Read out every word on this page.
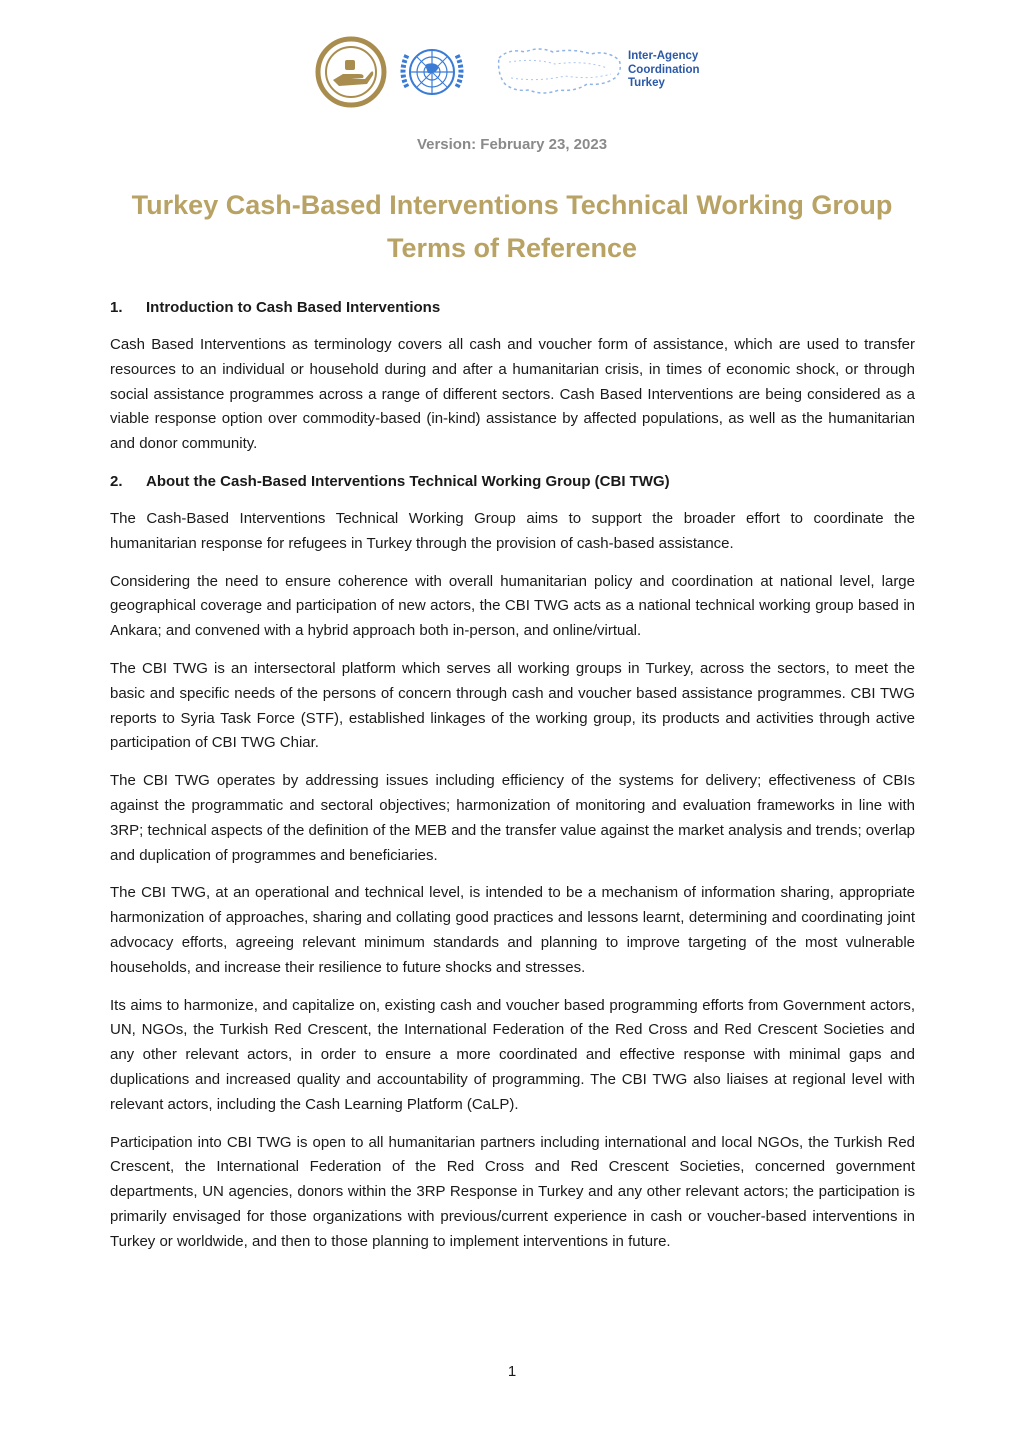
Inter-Agency
Coordination
Turkey
Version: February 23, 2023
Turkey Cash-Based Interventions Technical Working Group
Terms of Reference
1.	Introduction to Cash Based Interventions

Cash Based Interventions as terminology covers all cash and voucher form of assistance, which are used to transfer resources to an individual or household during and after a humanitarian crisis, in times of economic shock, or through social assistance programmes across a range of different sectors. Cash Based Interventions are being considered as a viable response option over commodity-based (in-kind) assistance by affected populations, as well as the humanitarian and donor community.

2.	About the Cash-Based Interventions Technical Working Group (CBI TWG)

The Cash-Based Interventions Technical Working Group aims to support the broader effort to coordinate the humanitarian response for refugees in Turkey through the provision of cash-based assistance.

Considering the need to ensure coherence with overall humanitarian policy and coordination at national level, large geographical coverage and participation of new actors, the CBI TWG acts as a national technical working group based in Ankara; and convened with a hybrid approach both in-person, and online/virtual.

The CBI TWG is an intersectoral platform which serves all working groups in Turkey, across the sectors, to meet the basic and specific needs of the persons of concern through cash and voucher based assistance programmes. CBI TWG reports to Syria Task Force (STF), established linkages of the working group, its products and activities through active participation of CBI TWG Chiar.

The CBI TWG operates by addressing issues including efficiency of the systems for delivery; effectiveness of CBIs against the programmatic and sectoral objectives; harmonization of monitoring and evaluation frameworks in line with 3RP; technical aspects of the definition of the MEB and the transfer value against the market analysis and trends; overlap and duplication of programmes and beneficiaries.

The CBI TWG, at an operational and technical level, is intended to be a mechanism of information sharing, appropriate harmonization of approaches, sharing and collating good practices and lessons learnt, determining and coordinating joint advocacy efforts, agreeing relevant minimum standards and planning to improve targeting of the most vulnerable households, and increase their resilience to future shocks and stresses.

Its aims to harmonize, and capitalize on, existing cash and voucher based programming efforts from Government actors, UN, NGOs, the Turkish Red Crescent, the International Federation of the Red Cross and Red Crescent Societies and any other relevant actors, in order to ensure a more coordinated and effective response with minimal gaps and duplications and increased quality and accountability of programming. The CBI TWG also liaises at regional level with relevant actors, including the Cash Learning Platform (CaLP).

Participation into CBI TWG is open to all humanitarian partners including international and local NGOs, the Turkish Red Crescent, the International Federation of the Red Cross and Red Crescent Societies, concerned government departments, UN agencies, donors within the 3RP Response in Turkey and any other relevant actors; the participation is primarily envisaged for those organizations with previous/current experience in cash or voucher-based interventions in Turkey or worldwide, and then to those planning to implement interventions in future.

1
